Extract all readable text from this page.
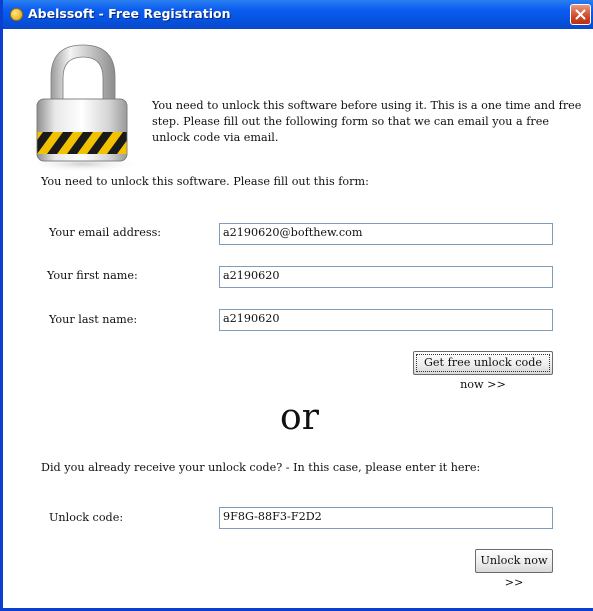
Abelssoft - Free Registration
You need to unlock this software before using it. This is a one time and free step. Please fill out the following form so that we can email you a free unlock code via email.
You need to unlock this software. Please fill out this form:
Your email address:	a2190620@bofthew.com
Your first name:	a2190620
Your last name:	a2190620
Get free unlock code now >>
or
Did you already receive your unlock code? - In this case, please enter it here:
Unlock code:	9F8G-88F3-F2D2
Unlock now >>
